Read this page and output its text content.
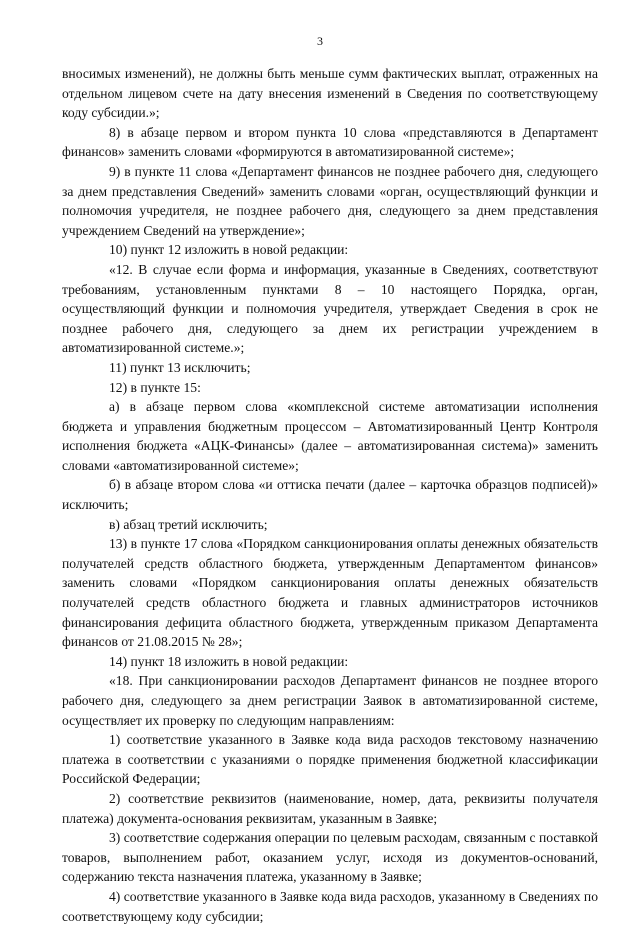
3

вносимых изменений), не должны быть меньше сумм фактических выплат, отраженных на отдельном лицевом счете на дату внесения изменений в Сведения по соответствующему коду субсидии.»;

8) в абзаце первом и втором пункта 10 слова «представляются в Департамент финансов» заменить словами «формируются в автоматизированной системе»;

9) в пункте 11 слова «Департамент финансов не позднее рабочего дня, следующего за днем представления Сведений» заменить словами «орган, осуществляющий функции и полномочия учредителя, не позднее рабочего дня, следующего за днем представления учреждением Сведений на утверждение»;

10) пункт 12 изложить в новой редакции:

«12. В случае если форма и информация, указанные в Сведениях, соответствуют требованиям, установленным пунктами 8 – 10 настоящего Порядка, орган, осуществляющий функции и полномочия учредителя, утверждает Сведения в срок не позднее рабочего дня, следующего за днем их регистрации учреждением в автоматизированной системе.»;

11) пункт 13 исключить;

12) в пункте 15:

а) в абзаце первом слова «комплексной системе автоматизации исполнения бюджета и управления бюджетным процессом – Автоматизированный Центр Контроля исполнения бюджета «АЦК-Финансы» (далее – автоматизированная система)» заменить словами «автоматизированной системе»;

б) в абзаце втором слова «и оттиска печати (далее – карточка образцов подписей)» исключить;

в) абзац третий исключить;

13) в пункте 17 слова «Порядком санкционирования оплаты денежных обязательств получателей средств областного бюджета, утвержденным Департаментом финансов» заменить словами «Порядком санкционирования оплаты денежных обязательств получателей средств областного бюджета и главных администраторов источников финансирования дефицита областного бюджета, утвержденным приказом Департамента финансов от 21.08.2015 № 28»;

14) пункт 18 изложить в новой редакции:

«18. При санкционировании расходов Департамент финансов не позднее второго рабочего дня, следующего за днем регистрации Заявок в автоматизированной системе, осуществляет их проверку по следующим направлениям:

1) соответствие указанного в Заявке кода вида расходов текстовому назначению платежа в соответствии с указаниями о порядке применения бюджетной классификации Российской Федерации;

2) соответствие реквизитов (наименование, номер, дата, реквизиты получателя платежа) документа-основания реквизитам, указанным в Заявке;

3) соответствие содержания операции по целевым расходам, связанным с поставкой товаров, выполнением работ, оказанием услуг, исходя из документов-оснований, содержанию текста назначения платежа, указанному в Заявке;

4) соответствие указанного в Заявке кода вида расходов, указанному в Сведениях по соответствующему коду субсидии;
